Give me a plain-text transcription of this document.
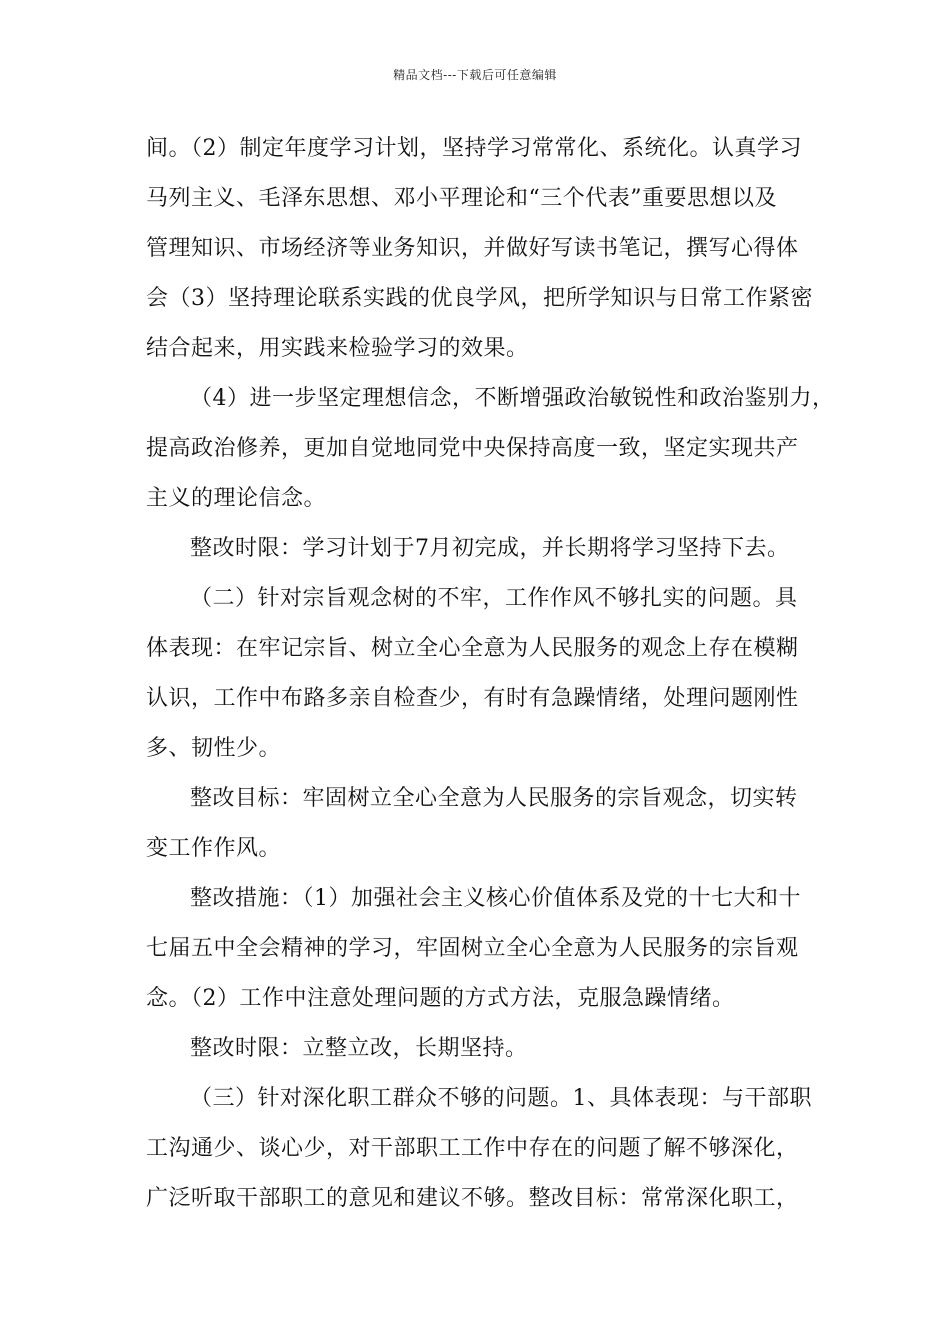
精品文档---下载后可任意编辑
间。（2）制定年度学习计划，坚持学习常常化、系统化。认真学习
马列主义、毛泽东思想、邓小平理论和“三个代表”重要思想以及
管理知识、市场经济等业务知识，并做好写读书笔记，撰写心得体
会（3）坚持理论联系实践的优良学风，把所学知识与日常工作紧密
结合起来，用实践来检验学习的效果。
（4）进一步坚定理想信念，不断增强政治敏锐性和政治鉴别力，
提高政治修养，更加自觉地同党中央保持高度一致，坚定实现共产
主义的理论信念。
整改时限：学习计划于7月初完成，并长期将学习坚持下去。
（二）针对宗旨观念树的不牢，工作作风不够扎实的问题。具
体表现：在牢记宗旨、树立全心全意为人民服务的观念上存在模糊
认识，工作中布路多亲自检查少，有时有急躁情绪，处理问题刚性
多、韧性少。
整改目标：牢固树立全心全意为人民服务的宗旨观念，切实转
变工作作风。
整改措施：（1）加强社会主义核心价值体系及党的十七大和十
七届五中全会精神的学习，牢固树立全心全意为人民服务的宗旨观
念。（2）工作中注意处理问题的方式方法，克服急躁情绪。
整改时限：立整立改，长期坚持。
（三）针对深化职工群众不够的问题。1、具体表现：与干部职
工沟通少、谈心少，对干部职工工作中存在的问题了解不够深化，
广泛听取干部职工的意见和建议不够。整改目标：常常深化职工，
